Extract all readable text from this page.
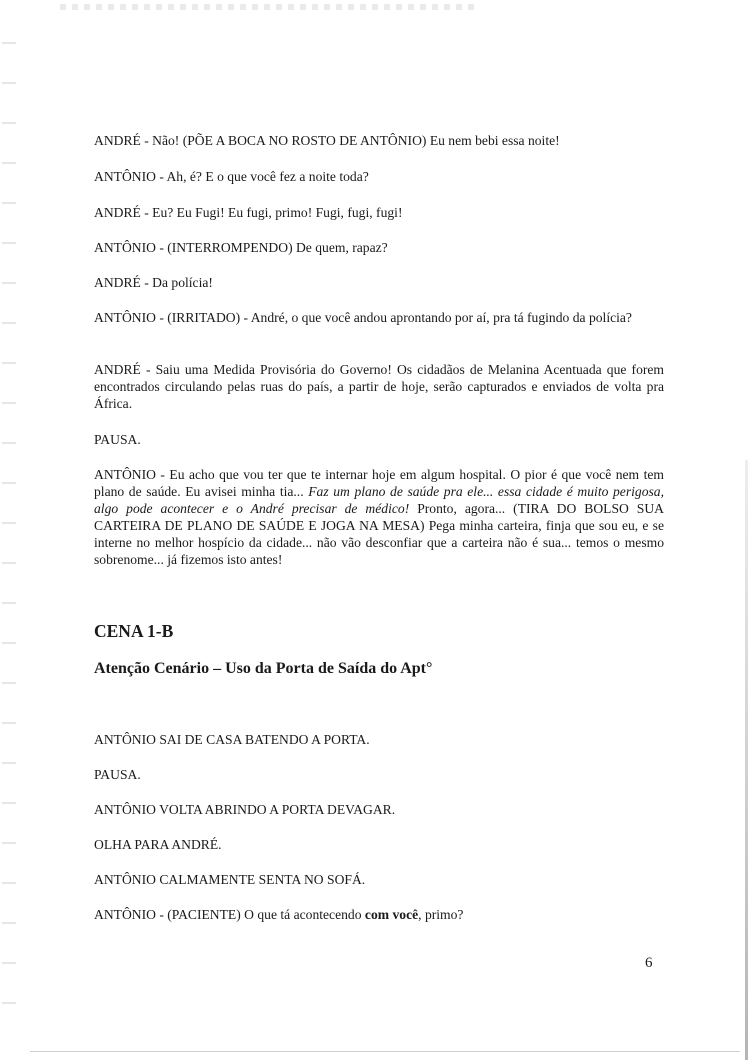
ANDRÉ - Não! (PÕE A BOCA NO ROSTO DE ANTÔNIO) Eu nem bebi essa noite!

ANTÔNIO - Ah, é? E o que você fez a noite toda?

ANDRÉ - Eu? Eu Fugi! Eu fugi, primo! Fugi, fugi, fugi!

ANTÔNIO - (INTERROMPENDO) De quem, rapaz?

ANDRÉ - Da polícia!

ANTÔNIO - (IRRITADO) - André, o que você andou aprontando por aí, pra tá fugindo da polícia?

ANDRÉ - Saiu uma Medida Provisória do Governo! Os cidadãos de Melanina Acentuada que forem encontrados circulando pelas ruas do país, a partir de hoje, serão capturados e enviados de volta pra África.

PAUSA.

ANTÔNIO - Eu acho que vou ter que te internar hoje em algum hospital. O pior é que você nem tem plano de saúde. Eu avisei minha tia... Faz um plano de saúde pra ele... essa cidade é muito perigosa, algo pode acontecer e o André precisar de médico! Pronto, agora... (TIRA DO BOLSO SUA CARTEIRA DE PLANO DE SAÚDE E JOGA NA MESA) Pega minha carteira, finja que sou eu, e se interne no melhor hospício da cidade... não vão desconfiar que a carteira não é sua... temos o mesmo sobrenome... já fizemos isto antes!

CENA 1-B
Atenção Cenário – Uso da Porta de Saída do Apt°

ANTÔNIO SAI DE CASA BATENDO A PORTA.

PAUSA.

ANTÔNIO VOLTA ABRINDO A PORTA DEVAGAR.

OLHA PARA ANDRÉ.

ANTÔNIO CALMAMENTE SENTA NO SOFÁ.

ANTÔNIO - (PACIENTE) O que tá acontecendo com você, primo?

6
